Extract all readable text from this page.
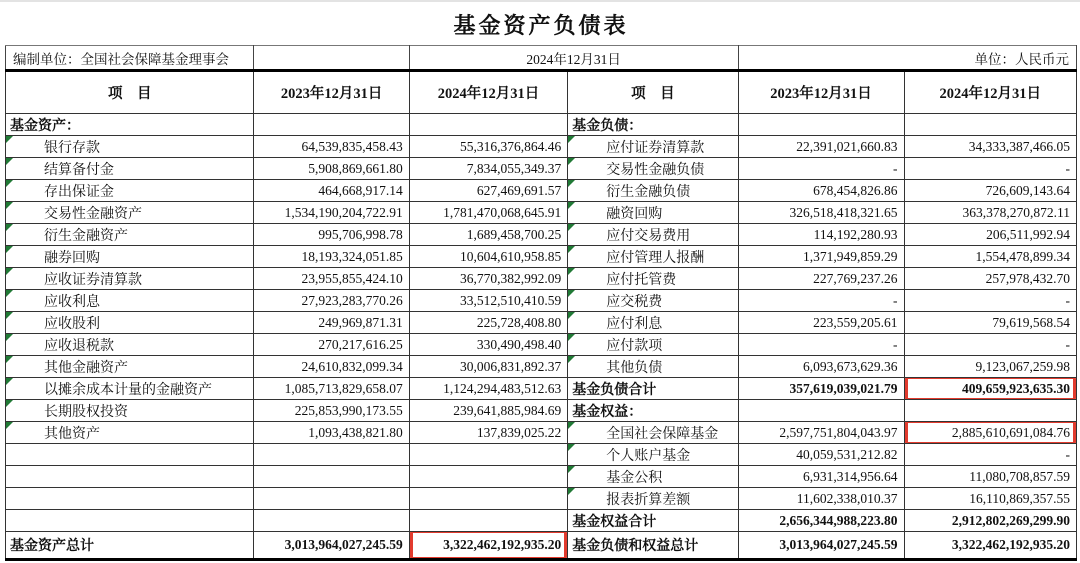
基金资产负债表
编制单位：全国社会保障基金理事会		2024年12月31日		单位：人民币元	
项　目	2023年12月31日	2024年12月31日	项　目	2023年12月31日	2024年12月31日
基金资产：			基金负债：		
银行存款	64,539,835,458.43	55,316,376,864.46	应付证券清算款	22,391,021,660.83	34,333,387,466.05
结算备付金	5,908,869,661.80	7,834,055,349.37	交易性金融负债	-	-
存出保证金	464,668,917.14	627,469,691.57	衍生金融负债	678,454,826.86	726,609,143.64
交易性金融资产	1,534,190,204,722.91	1,781,470,068,645.91	融资回购	326,518,418,321.65	363,378,270,872.11
衍生金融资产	995,706,998.78	1,689,458,700.25	应付交易费用	114,192,280.93	206,511,992.94
融券回购	18,193,324,051.85	10,604,610,958.85	应付管理人报酬	1,371,949,859.29	1,554,478,899.34
应收证券清算款	23,955,855,424.10	36,770,382,992.09	应付托管费	227,769,237.26	257,978,432.70
应收利息	27,923,283,770.26	33,512,510,410.59	应交税费	-	-
应收股利	249,969,871.31	225,728,408.80	应付利息	223,559,205.61	79,619,568.54
应收退税款	270,217,616.25	330,490,498.40	应付款项	-	-
其他金融资产	24,610,832,099.34	30,006,831,892.37	其他负债	6,093,673,629.36	9,123,067,259.98
以摊余成本计量的金融资产	1,085,713,829,658.07	1,124,294,483,512.63	基金负债合计	357,619,039,021.79	409,659,923,635.30
长期股权投资	225,853,990,173.55	239,641,885,984.69	基金权益：		
其他资产	1,093,438,821.80	137,839,025.22	全国社会保障基金	2,597,751,804,043.97	2,885,610,691,084.76
			个人账户基金	40,059,531,212.82	-
			基金公积	6,931,314,956.64	11,080,708,857.59
			报表折算差额	11,602,338,010.37	16,110,869,357.55
			基金权益合计	2,656,344,988,223.80	2,912,802,269,299.90
基金资产总计	3,013,964,027,245.59	3,322,462,192,935.20	基金负债和权益总计	3,013,964,027,245.59	3,322,462,192,935.20
